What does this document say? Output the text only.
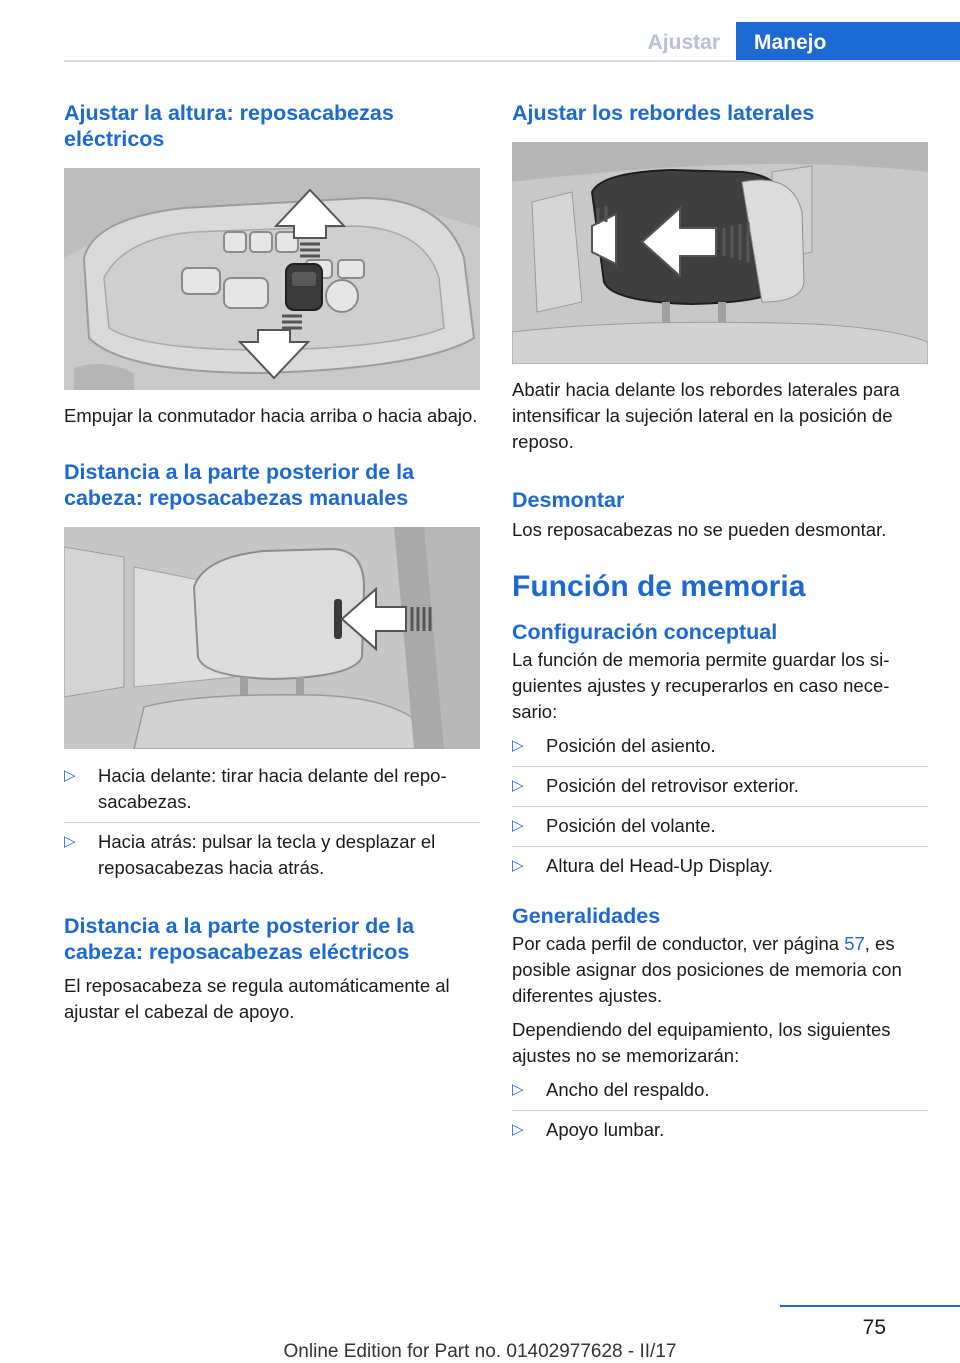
Ajustar	Manejo
Ajustar la altura: reposacabezas eléctricos

Empujar la conmutador hacia arriba o hacia abajo.

Distancia a la parte posterior de la cabeza: reposacabezas manuales
▷ Hacia delante: tirar hacia delante del repo‐sacabezas.
▷ Hacia atrás: pulsar la tecla y desplazar el reposacabezas hacia atrás.
Distancia a la parte posterior de la cabeza: reposacabezas eléctricos

El reposacabeza se regula automáticamente al ajustar el cabezal de apoyo.

Ajustar los rebordes laterales

Abatir hacia delante los rebordes laterales para intensificar la sujeción lateral en la posición de reposo.

Desmontar

Los reposacabezas no se pueden desmontar.

Función de memoria
Configuración conceptual

La función de memoria permite guardar los si‐guientes ajustes y recuperarlos en caso nece‐sario:

▷ Posición del asiento.
▷ Posición del retrovisor exterior.
▷ Posición del volante.
▷ Altura del Head-Up Display.
Generalidades

Por cada perfil de conductor, ver página 57, es posible asignar dos posiciones de memoria con diferentes ajustes.

Dependiendo del equipamiento, los siguientes ajustes no se memorizarán:

▷ Ancho del respaldo.
▷ Apoyo lumbar.
75
Online Edition for Part no. 01402977628 - II/17
